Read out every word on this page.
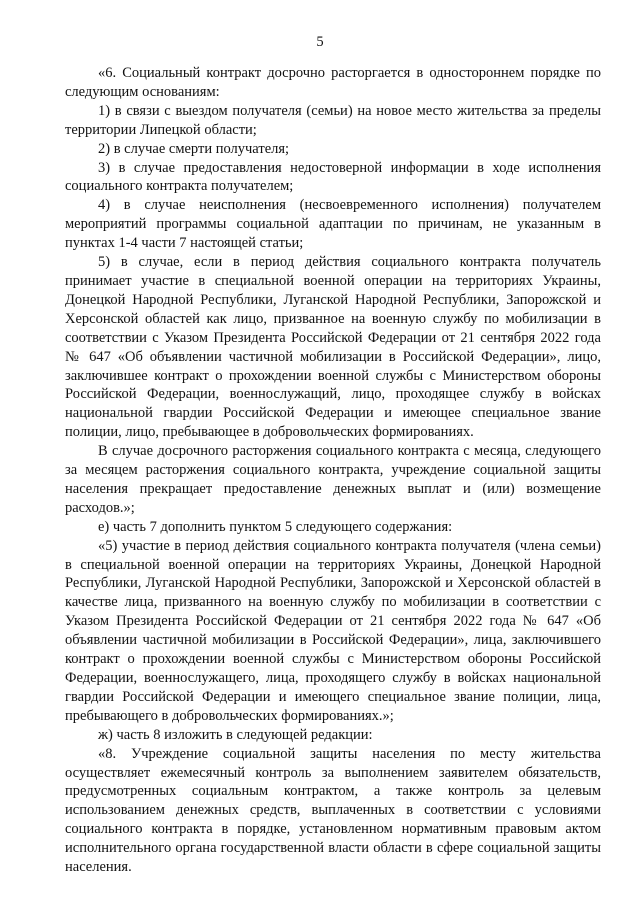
5

«6. Социальный контракт досрочно расторгается в одностороннем порядке по следующим основаниям:

1) в связи с выездом получателя (семьи) на новое место жительства за пределы территории Липецкой области;

2) в случае смерти получателя;

3) в случае предоставления недостоверной информации в ходе исполнения социального контракта получателем;

4) в случае неисполнения (несвоевременного исполнения) получателем мероприятий программы социальной адаптации по причинам, не указанным в пунктах 1-4 части 7 настоящей статьи;

5) в случае, если в период действия социального контракта получатель принимает участие в специальной военной операции на территориях Украины, Донецкой Народной Республики, Луганской Народной Республики, Запорожской и Херсонской областей как лицо, призванное на военную службу по мобилизации в соответствии с Указом Президента Российской Федерации от 21 сентября 2022 года № 647 «Об объявлении частичной мобилизации в Российской Федерации», лицо, заключившее контракт о прохождении военной службы с Министерством обороны Российской Федерации, военнослужащий, лицо, проходящее службу в войсках национальной гвардии Российской Федерации и имеющее специальное звание полиции, лицо, пребывающее в добровольческих формированиях.

В случае досрочного расторжения социального контракта с месяца, следующего за месяцем расторжения социального контракта, учреждение социальной защиты населения прекращает предоставление денежных выплат и (или) возмещение расходов.»;

е) часть 7 дополнить пунктом 5 следующего содержания:

«5) участие в период действия социального контракта получателя (члена семьи) в специальной военной операции на территориях Украины, Донецкой Народной Республики, Луганской Народной Республики, Запорожской и Херсонской областей в качестве лица, призванного на военную службу по мобилизации в соответствии с Указом Президента Российской Федерации от 21 сентября 2022 года № 647 «Об объявлении частичной мобилизации в Российской Федерации», лица, заключившего контракт о прохождении военной службы с Министерством обороны Российской Федерации, военнослужащего, лица, проходящего службу в войсках национальной гвардии Российской Федерации и имеющего специальное звание полиции, лица, пребывающего в добровольческих формированиях.»;

ж) часть 8 изложить в следующей редакции:

«8. Учреждение социальной защиты населения по месту жительства осуществляет ежемесячный контроль за выполнением заявителем обязательств, предусмотренных социальным контрактом, а также контроль за целевым использованием денежных средств, выплаченных в соответствии с условиями социального контракта в порядке, установленном нормативным правовым актом исполнительного органа государственной власти области в сфере социальной защиты населения.
